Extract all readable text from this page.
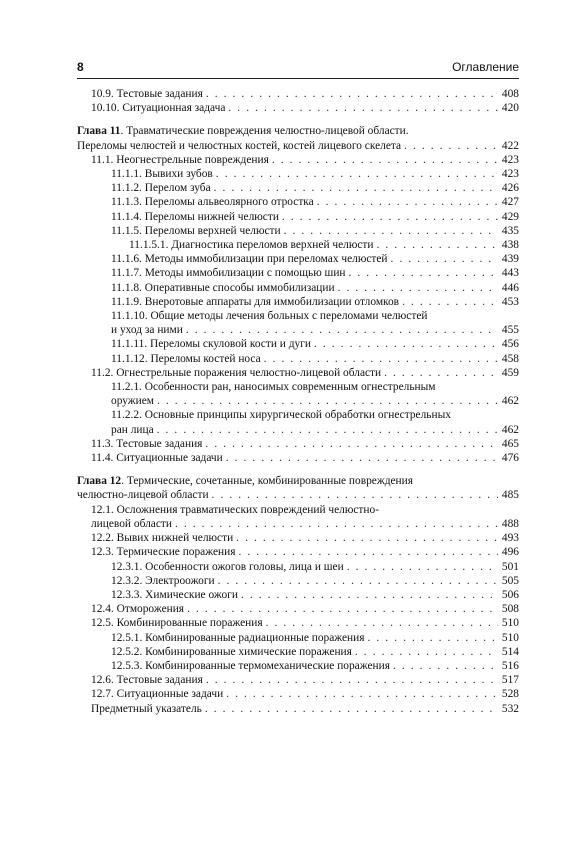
8	Оглавление
10.9. Тестовые задания . . .	408
10.10. Ситуационная задача . . .	420
Глава 11. Травматические повреждения челюстно-лицевой области.
Переломы челюстей и челюстных костей, костей лицевого скелета . . .	422
11.1. Неогнестрельные повреждения . . .	423
11.1.1. Вывихи зубов . . .	423
11.1.2. Перелом зуба . . .	426
11.1.3. Переломы альвеолярного отростка . . .	427
11.1.4. Переломы нижней челюсти . . .	429
11.1.5. Переломы верхней челюсти . . .	435
11.1.5.1. Диагностика переломов верхней челюсти . . .	438
11.1.6. Методы иммобилизации при переломах челюстей . . .	439
11.1.7. Методы иммобилизации с помощью шин . . .	443
11.1.8. Оперативные способы иммобилизации . . .	446
11.1.9. Внеротовые аппараты для иммобилизации отломков . . .	453
11.1.10. Общие методы лечения больных с переломами челюстей
и уход за ними . . .	455
11.1.11. Переломы скуловой кости и дуги . . .	456
11.1.12. Переломы костей носа . . .	458
11.2. Огнестрельные поражения челюстно-лицевой области . . .	459
11.2.1. Особенности ран, наносимых современным огнестрельным
оружием . . .	462
11.2.2. Основные принципы хирургической обработки огнестрельных
ран лица . . .	462
11.3. Тестовые задания . . .	465
11.4. Ситуационные задачи . . .	476
Глава 12. Термические, сочетанные, комбинированные повреждения
челюстно-лицевой области . . .	485
12.1. Осложнения травматических повреждений челюстно-
лицевой области . . .	488
12.2. Вывих нижней челюсти . . .	493
12.3. Термические поражения . . .	496
12.3.1. Особенности ожогов головы, лица и шеи . . .	501
12.3.2. Электроожоги . . .	505
12.3.3. Химические ожоги . . .	506
12.4. Отморожения . . .	508
12.5. Комбинированные поражения . . .	510
12.5.1. Комбинированные радиационные поражения . . .	510
12.5.2. Комбинированные химические поражения . . .	514
12.5.3. Комбинированные термомеханические поражения . . .	516
12.6. Тестовые задания . . .	517
12.7. Ситуационные задачи . . .	528
Предметный указатель . . .	532
